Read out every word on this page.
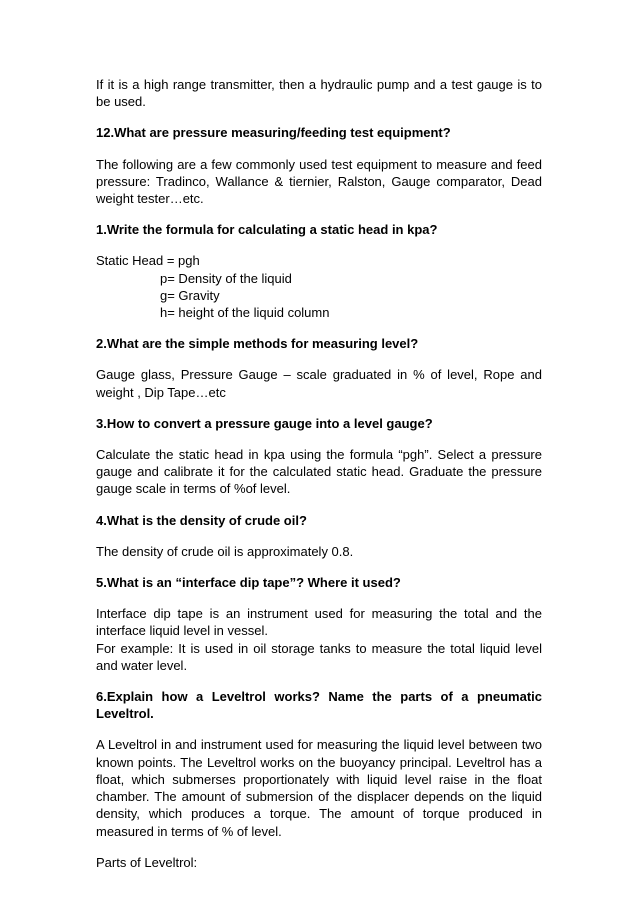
If it is a high range transmitter, then a hydraulic pump and a test gauge is to be used.

12.What are pressure measuring/feeding test equipment?

The following are a few commonly used test equipment to measure and feed pressure: Tradinco, Wallance & tiernier, Ralston, Gauge comparator, Dead weight tester…etc.

1.Write the formula for calculating a static head in kpa?

Static Head = pgh

p= Density of the liquid

g= Gravity

h= height of the liquid column

2.What are the simple methods for measuring level?

Gauge glass, Pressure Gauge – scale graduated in % of level, Rope and weight , Dip Tape…etc

3.How to convert a pressure gauge into a level gauge?

Calculate the static head in kpa using the formula “pgh”. Select a pressure gauge and calibrate it for the calculated static head. Graduate the pressure gauge scale in terms of %of level.

4.What is the density of crude oil?

The density of crude oil is approximately 0.8.

5.What is an “interface dip tape”? Where it used?

Interface dip tape is an instrument used for measuring the total and the interface liquid level in vessel.

For example: It is used in oil storage tanks to measure the total liquid level and water level.

6.Explain how a Leveltrol works? Name the parts of a pneumatic Leveltrol.

A Leveltrol in and instrument used for measuring the liquid level between two known points. The Leveltrol works on the buoyancy principal. Leveltrol has a float, which submerses proportionately with liquid level raise in the float chamber. The amount of submersion of the displacer depends on the liquid density, which produces a torque. The amount of torque produced in measured in terms of % of level.

Parts of Leveltrol:
